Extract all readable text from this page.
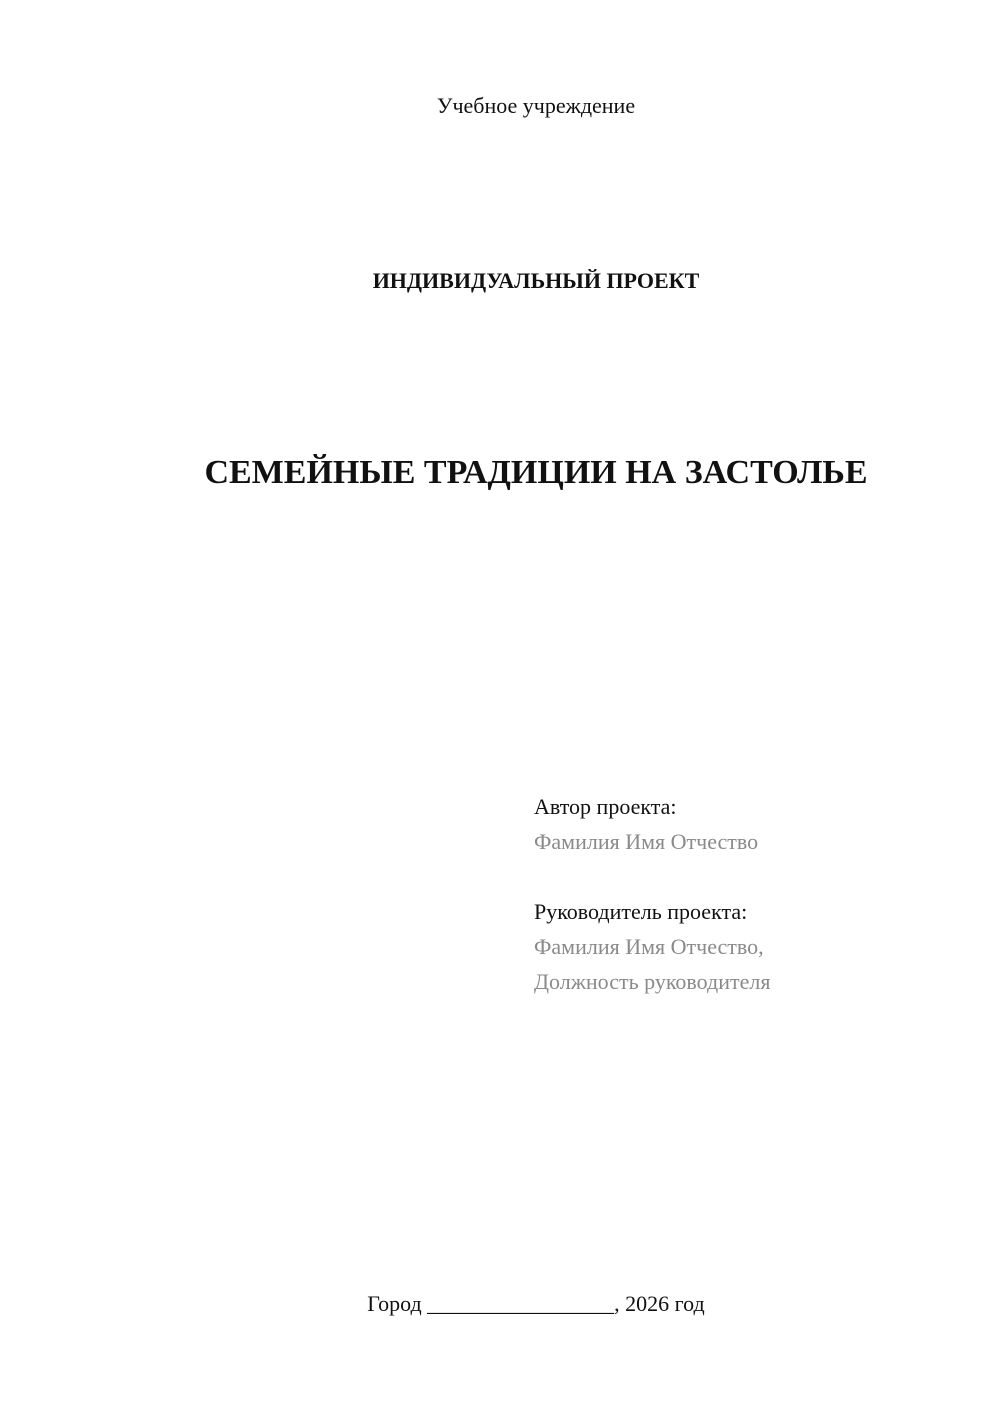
Учебное учреждение
ИНДИВИДУАЛЬНЫЙ ПРОЕКТ
СЕМЕЙНЫЕ ТРАДИЦИИ НА ЗАСТОЛЬЕ
Автор проекта:
Фамилия Имя Отчество
Руководитель проекта:
Фамилия Имя Отчество,
Должность руководителя
Город _________________, 2026 год
